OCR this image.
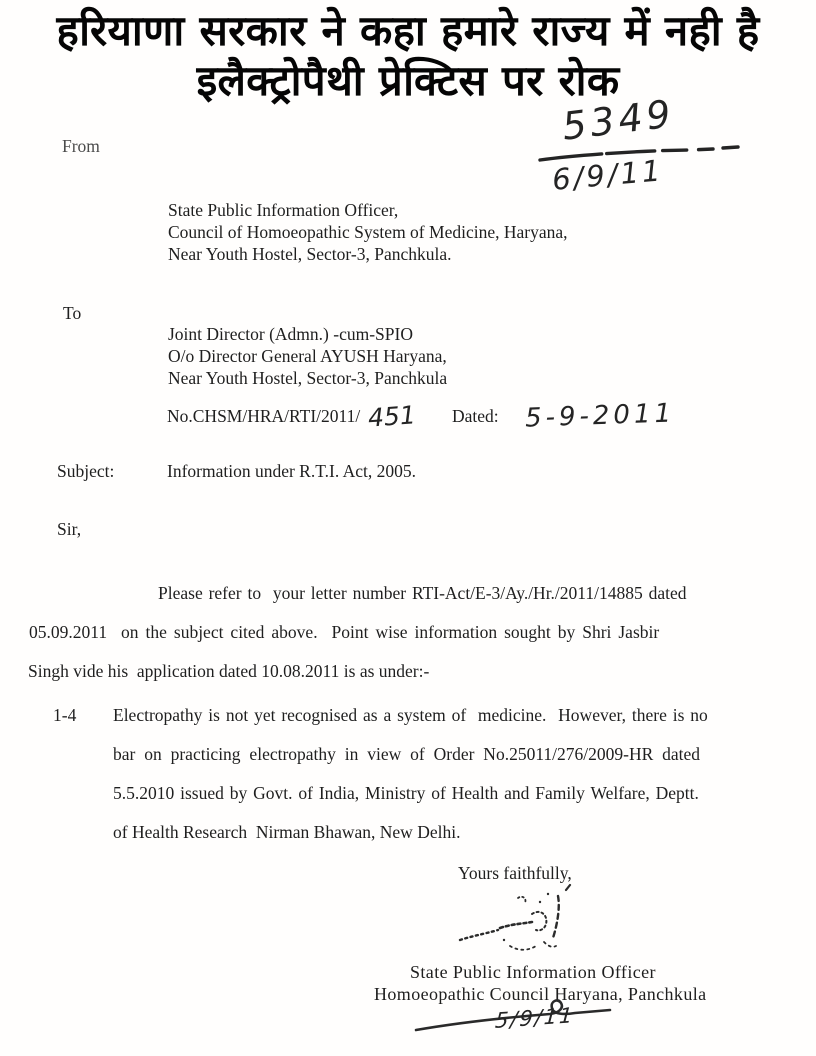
हरियाणा सरकार ने कहा हमारे राज्य में नही है
इलैक्ट्रोपैथी प्रेक्टिस पर रोक
From	5349
6/9/11
State Public Information Officer,
Council of Homoeopathic System of Medicine, Haryana,
Near Youth Hostel, Sector-3, Panchkula.
To
Joint Director (Admn.) -cum-SPIO
O/o Director General AYUSH Haryana,
Near Youth Hostel, Sector-3, Panchkula
No.CHSM/HRA/RTI/2011/ 451 Dated: 5-9-2011
Subject:	Information under R.T.I. Act, 2005.
Sir,
Please refer to  your letter number RTI-Act/E-3/Ay./Hr./2011/14885 dated
05.09.2011  on the subject cited above.  Point wise information sought by Shri Jasbir
Singh vide his  application dated 10.08.2011 is as under:-
1-4 Electropathy is not yet recognised as a system of  medicine.  However, there is no
bar on practicing electropathy in view of Order No.25011/276/2009-HR dated
5.5.2010 issued by Govt. of India, Ministry of Health and Family Welfare, Deptt.
of Health Research  Nirman Bhawan, New Delhi.
Yours faithfully,
State Public Information Officer
Homoeopathic Council Haryana, Panchkula
5/9/11
